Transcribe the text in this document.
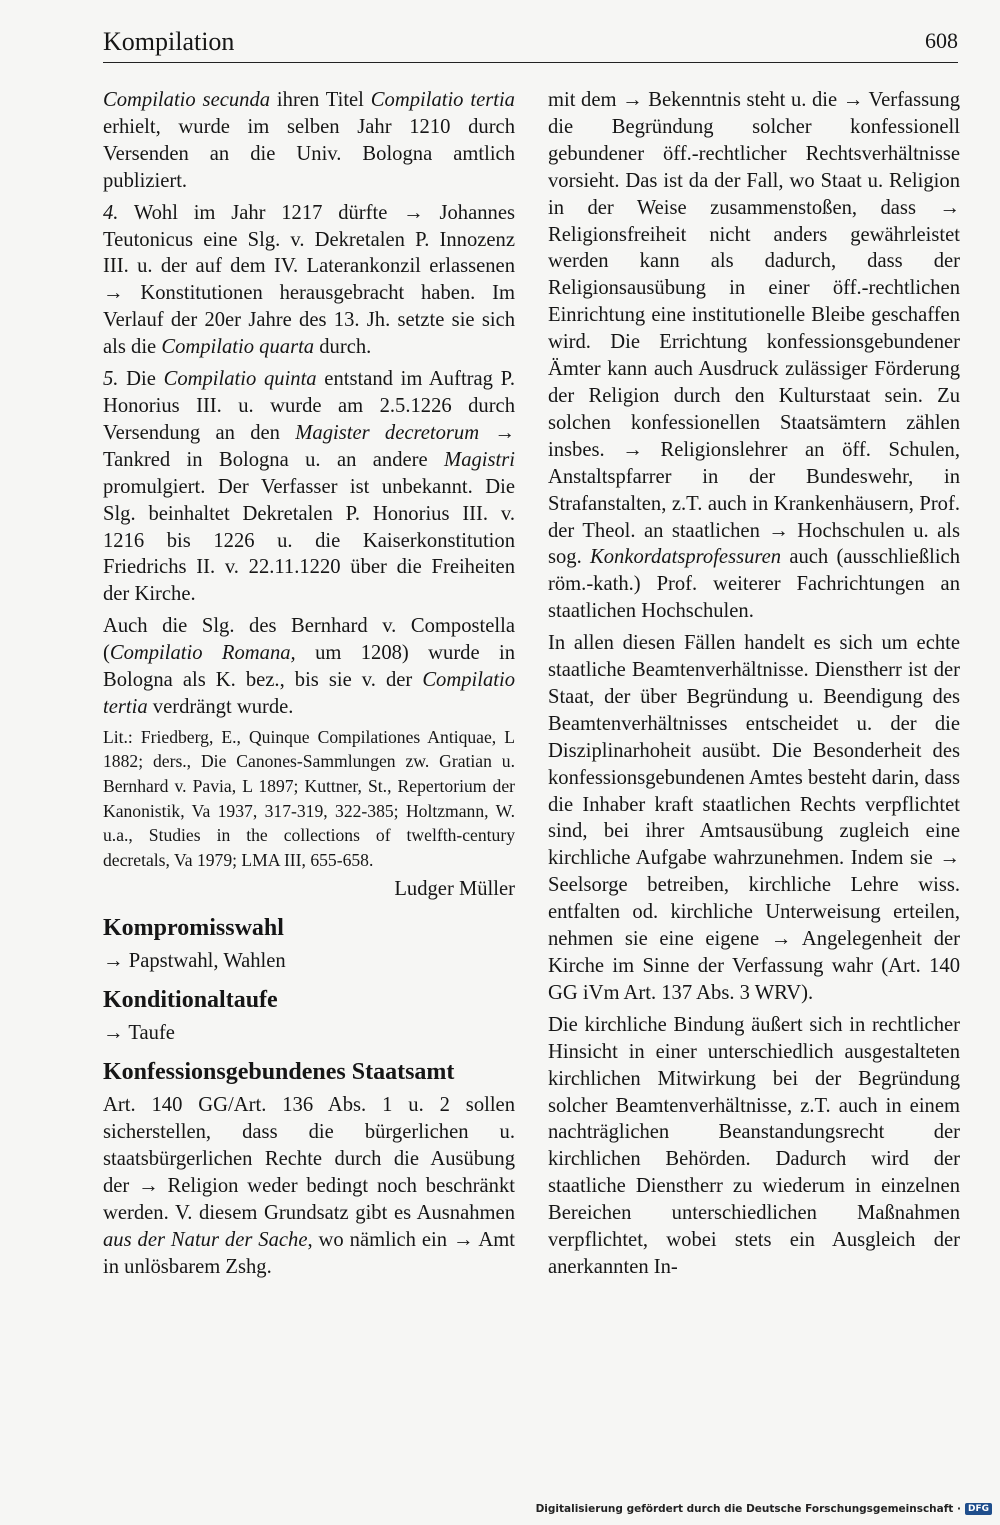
Kompilation	608

Compilatio secunda ihren Titel Compilatio tertia erhielt, wurde im selben Jahr 1210 durch Versenden an die Univ. Bologna amtlich publiziert.

4. Wohl im Jahr 1217 dürfte → Johannes Teutonicus eine Slg. v. Dekretalen P. Innozenz III. u. der auf dem IV. Laterankonzil erlassenen → Konstitutionen herausgebracht haben. Im Verlauf der 20er Jahre des 13. Jh. setzte sie sich als die Compilatio quarta durch.

5. Die Compilatio quinta entstand im Auftrag P. Honorius III. u. wurde am 2.5.1226 durch Versendung an den Magister decretorum → Tankred in Bologna u. an andere Magistri promulgiert. Der Verfasser ist unbekannt. Die Slg. beinhaltet Dekretalen P. Honorius III. v. 1216 bis 1226 u. die Kaiserkonstitution Friedrichs II. v. 22.11.1220 über die Freiheiten der Kirche.

Auch die Slg. des Bernhard v. Compostella (Compilatio Romana, um 1208) wurde in Bologna als K. bez., bis sie v. der Compilatio tertia verdrängt wurde.

Lit.: Friedberg, E., Quinque Compilationes Antiquae, L 1882; ders., Die Canones-Sammlungen zw. Gratian u. Bernhard v. Pavia, L 1897; Kuttner, St., Repertorium der Kanonistik, Va 1937, 317-319, 322-385; Holtzmann, W. u.a., Studies in the collections of twelfth-century decretals, Va 1979; LMA III, 655-658.

Ludger Müller

Kompromisswahl

→ Papstwahl, Wahlen

Konditionaltaufe

→ Taufe

Konfessionsgebundenes Staatsamt

Art. 140 GG/Art. 136 Abs. 1 u. 2 sollen sicherstellen, dass die bürgerlichen u. staatsbürgerlichen Rechte durch die Ausübung der → Religion weder bedingt noch beschränkt werden. V. diesem Grundsatz gibt es Ausnahmen aus der Natur der Sache, wo nämlich ein → Amt in unlösbarem Zshg.

mit dem → Bekenntnis steht u. die → Verfassung die Begründung solcher konfessionell gebundener öff.-rechtlicher Rechtsverhältnisse vorsieht. Das ist da der Fall, wo Staat u. Religion in der Weise zusammenstoßen, dass → Religionsfreiheit nicht anders gewährleistet werden kann als dadurch, dass der Religionsausübung in einer öff.-rechtlichen Einrichtung eine institutionelle Bleibe geschaffen wird. Die Errichtung konfessionsgebundener Ämter kann auch Ausdruck zulässiger Förderung der Religion durch den Kulturstaat sein. Zu solchen konfessionellen Staatsämtern zählen insbes. → Religionslehrer an öff. Schulen, Anstaltspfarrer in der Bundeswehr, in Strafanstalten, z.T. auch in Krankenhäusern, Prof. der Theol. an staatlichen → Hochschulen u. als sog. Konkordatsprofessuren auch (ausschließlich röm.-kath.) Prof. weiterer Fachrichtungen an staatlichen Hochschulen.

In allen diesen Fällen handelt es sich um echte staatliche Beamtenverhältnisse. Dienstherr ist der Staat, der über Begründung u. Beendigung des Beamtenverhältnisses entscheidet u. der die Disziplinarhoheit ausübt. Die Besonderheit des konfessionsgebundenen Amtes besteht darin, dass die Inhaber kraft staatlichen Rechts verpflichtet sind, bei ihrer Amtsausübung zugleich eine kirchliche Aufgabe wahrzunehmen. Indem sie → Seelsorge betreiben, kirchliche Lehre wiss. entfalten od. kirchliche Unterweisung erteilen, nehmen sie eine eigene → Angelegenheit der Kirche im Sinne der Verfassung wahr (Art. 140 GG iVm Art. 137 Abs. 3 WRV).

Die kirchliche Bindung äußert sich in rechtlicher Hinsicht in einer unterschiedlich ausgestalteten kirchlichen Mitwirkung bei der Begründung solcher Beamtenverhältnisse, z.T. auch in einem nachträglichen Beanstandungsrecht der kirchlichen Behörden. Dadurch wird der staatliche Dienstherr zu wiederum in einzelnen Bereichen unterschiedlichen Maßnahmen verpflichtet, wobei stets ein Ausgleich der anerkannten In-

Digitalisierung gefördert durch die Deutsche Forschungsgemeinschaft · DFG
